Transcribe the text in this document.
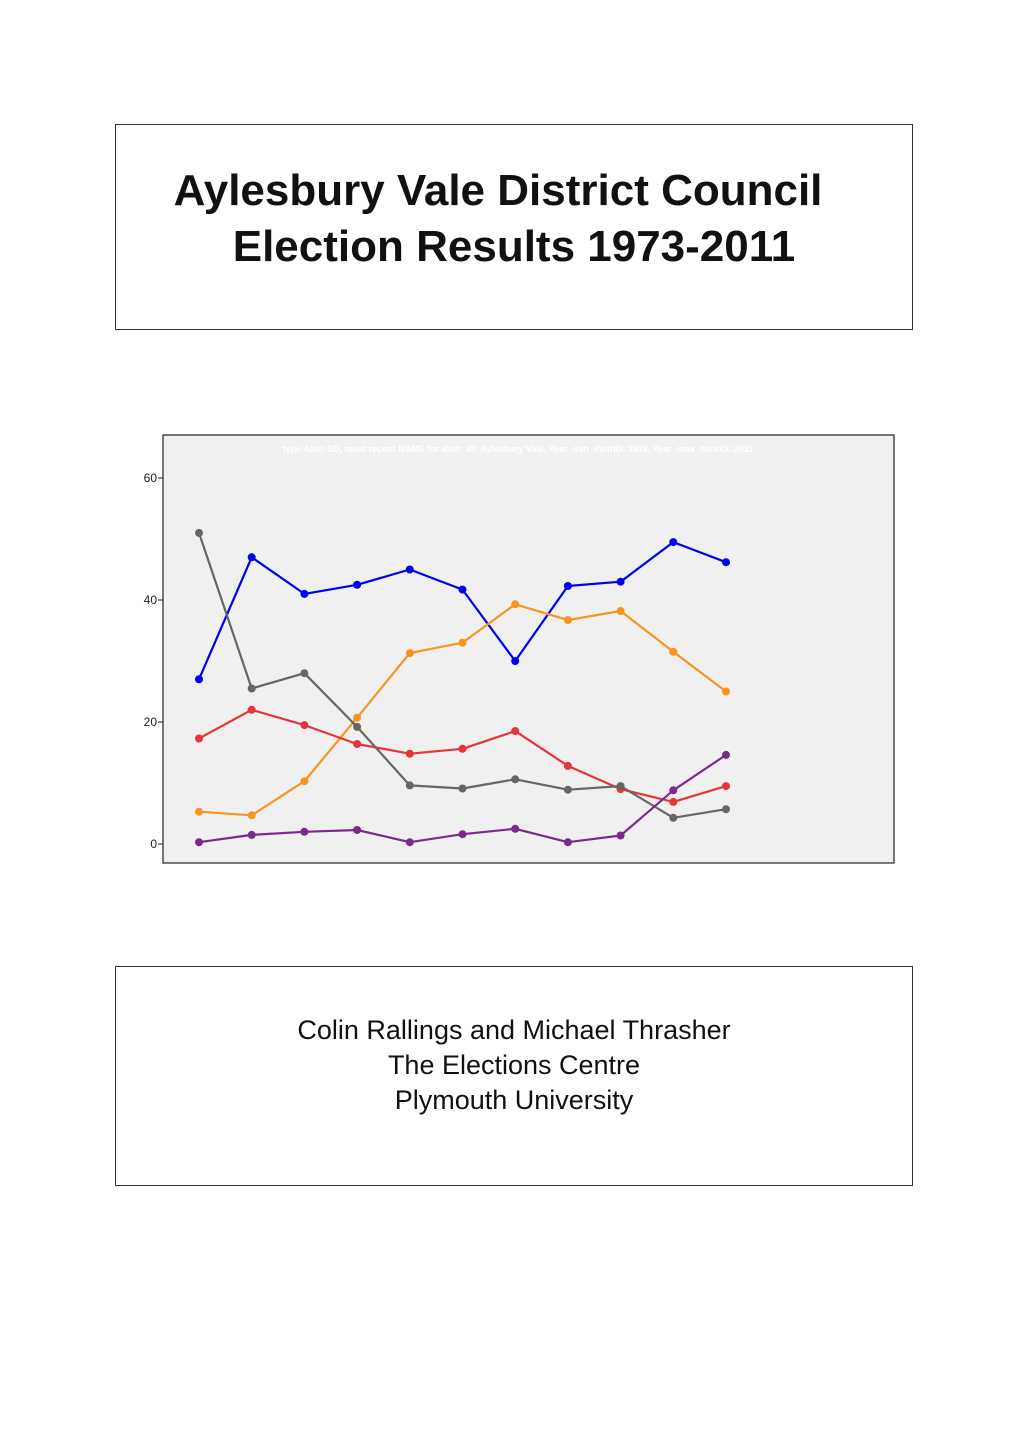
Aylesbury Vale District Council
Election Results 1973-2011
type 4cat: SD, most recent NAME for distr_ID: Aylesbury Vale, Year_min_distrID: 1973, Year_max_distrID: 2011
0
20
40
60

Colin Rallings and Michael Thrasher

The Elections Centre

Plymouth University
